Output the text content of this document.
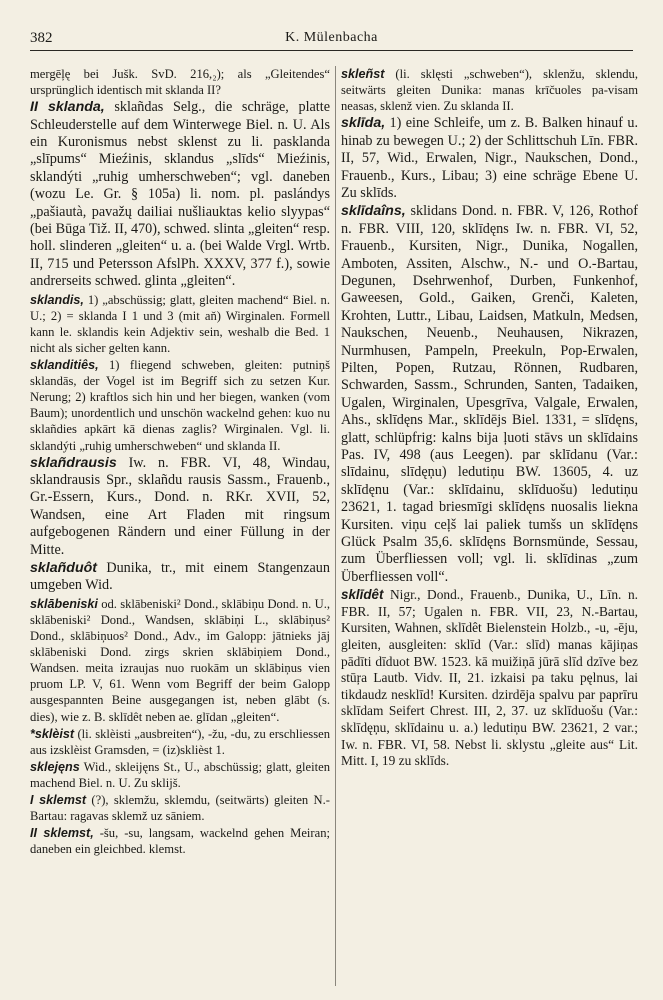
382	K. Mülenbacha

mergēļę bei Jušk. SvD. 216,₂); als „Gleitendes“ ursprünglich identisch mit sklanda II?

II sklanda, sklañdas Selg., die schräge, platte Schleuderstelle auf dem Winterwege Biel. n. U. Als ein Kuronismus nebst sklenst zu li. pasklanda „slīpums“ Mieźinis, sklandus „slīds“ Mieźinis, sklandýti „ruhig umherschweben“; vgl. daneben (wozu Le. Gr. § 105a) li. nom. pl. paslándys „pašiautà, pavažų dailiai nušliauktas kelio slyypas“ (bei Būga Tiž. II, 470), schwed. slinta „gleiten“ resp. holl. slinderen „gleiten“ u. a. (bei Walde Vrgl. Wrtb. II, 715 und Petersson AfslPh. XXXV, 377 f.), sowie andrerseits schwed. glinta „gleiten“.

sklandis, 1) „abschüssig; glatt, gleiten machend“ Biel. n. U.; 2) = sklanda I 1 und 3 (mit aň) Wirginalen. Formell kann le. sklandis kein Adjektiv sein, weshalb die Bed. 1 nicht als sicher gelten kann.

sklanditiês, 1) fliegend schweben, gleiten: putniņš sklandās, der Vogel ist im Begriff sich zu setzen Kur. Nerung; 2) kraftlos sich hin und her biegen, wanken (vom Baum); unordentlich und unschön wackelnd gehen: kuo nu sklañdies apkārt kā dienas zaglis? Wirginalen. Vgl. li. sklandýti „ruhig umherschweben“ und sklanda II.

sklañdrausis Iw. n. FBR. VI, 48, Windau, sklandrausis Spr., sklañdu rausis Sassm., Frauenb., Gr.-Essern, Kurs., Dond. n. RKr. XVII, 52, Wandsen, eine Art Fladen mit ringsum aufgebogenen Rändern und einer Füllung in der Mitte.

sklañduôt Dunika, tr., mit einem Stangenzaun umgeben Wid.

sklābeniski od. sklābeniski² Dond., sklābiņu Dond. n. U., sklābeniski² Dond., Wandsen, sklābiņi L., sklābiņus² Dond., sklābiņuos² Dond., Adv., im Galopp: jātnieks jāj sklābeniski Dond. zirgs skrien sklābiņiem Dond., Wandsen. meita izraujas nuo ruokām un sklābiņus vien pruom LP. V, 61. Wenn vom Begriff der beim Galopp ausgespannten Beine ausgegangen ist, neben glābt (s. dies), wie z. B. sklīdêt neben ae. glīdan „gleiten“.

*sklèist (li. sklèisti „ausbreiten“), -žu, -du, zu erschliessen aus izsklèist Gramsden, = (iz)sklièst 1.

sklejęns Wid., skleijęns St., U., abschüssig; glatt, gleiten machend Biel. n. U. Zu sklijš.

I sklemst (?), sklemžu, sklemdu, (seitwärts) gleiten N.-Bartau: ragavas sklemž uz sāniem.

II sklemst, -šu, -su, langsam, wackelnd gehen Meiran; daneben ein gleichbed. klemst.

skleñst (li. sklęsti „schweben“), sklenžu, sklendu, seitwärts gleiten Dunika: manas krīčuoles pa-visam neasas, sklenž vien. Zu sklanda II.

sklīda, 1) eine Schleife, um z. B. Balken hinauf u. hinab zu bewegen U.; 2) der Schlittschuh Līn. FBR. II, 57, Wid., Erwalen, Nigr., Naukschen, Dond., Frauenb., Kurs., Libau; 3) eine schräge Ebene U. Zu sklīds.

sklīdaîns, sklidans Dond. n. FBR. V, 126, Rothof n. FBR. VIII, 120, sklīdęns Iw. n. FBR. VI, 52, Frauenb., Kursiten, Nigr., Dunika, Nogallen, Amboten, Assiten, Alschw., N.- und O.-Bartau, Degunen, Dsehrwenhof, Durben, Funkenhof, Gaweesen, Gold., Gaiken, Grenči, Kaleten, Krohten, Luttr., Libau, Laidsen, Matkuln, Medsen, Naukschen, Neuenb., Neuhausen, Nikrazen, Nurmhusen, Pampeln, Preekuln, Pop-Erwalen, Pilten, Popen, Rutzau, Rönnen, Rudbaren, Schwarden, Sassm., Schrunden, Santen, Tadaiken, Ugalen, Wirginalen, Upesgrīva, Valgale, Erwalen, Ahs., sklīdęns Mar., sklīdējs Biel. 1331, = slīdęns, glatt, schlüpfrig: kalns bija ļuoti stāvs un sklīdains Pas. IV, 498 (aus Leegen). par sklīdanu (Var.: slīdainu, slīdęņu) ledutiņu BW. 13605, 4. uz sklīdęnu (Var.: sklīdainu, sklīduošu) ledutiņu 23621, 1. tagad briesmīgi sklīdęns nuosalis liekna Kursiten. viņu ceļš lai paliek tumšs un sklīdęns Glück Psalm 35,6. sklīdęns Bornsmünde, Sessau, zum Überfliessen voll; vgl. li. sklīdinas „zum Überfliessen voll“.

sklīdêt Nigr., Dond., Frauenb., Dunika, U., Līn. n. FBR. II, 57; Ugalen n. FBR. VII, 23, N.-Bartau, Kursiten, Wahnen, sklīdêt Bielenstein Holzb., -u, -ēju, gleiten, ausgleiten: sklīd (Var.: slīd) manas kājiņas pādīti dīduot BW. 1523. kā muižiņā jūrā slīd dzīve bez stūŗa Lautb. Vidv. II, 21. izkaisi pa taku pęlnus, lai tikdaudz nesklīd! Kursiten. dzirdēja spalvu par paprīru sklīdam Seifert Chrest. III, 2, 37. uz sklīduošu (Var.: sklīdęņu, sklīdainu u. a.) ledutiņu BW. 23621, 2 var.; Iw. n. FBR. VI, 58. Nebst li. sklystu „gleite aus“ Lit. Mitt. I, 19 zu sklīds.
